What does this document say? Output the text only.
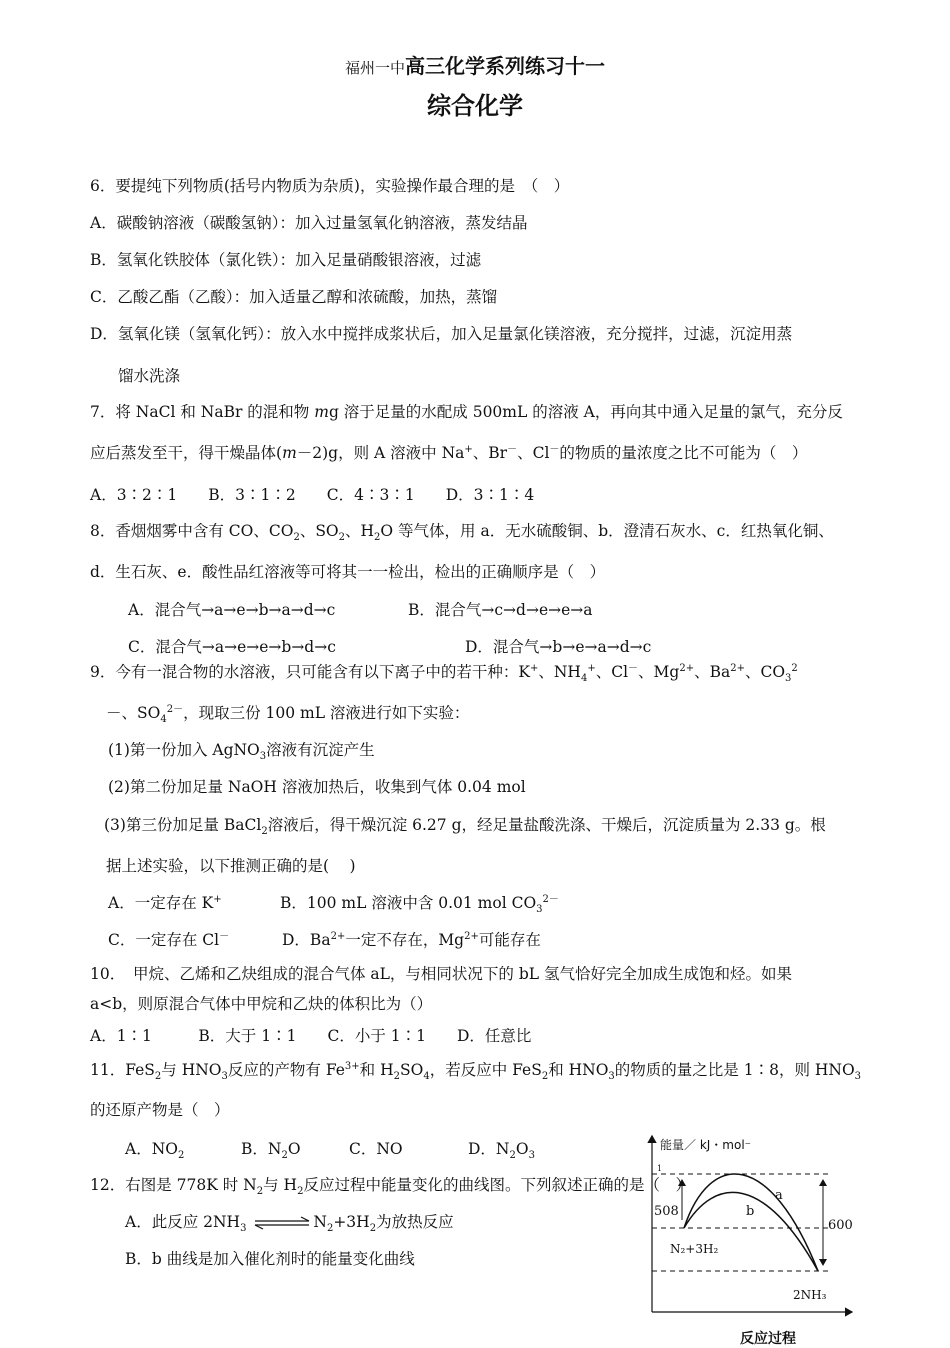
福州一中高三化学系列练习十一
综合化学
6．要提纯下列物质(括号内物质为杂质)，实验操作最合理的是　（　）
A．碳酸钠溶液（碳酸氢钠）：加入过量氢氧化钠溶液，蒸发结晶
B．氢氧化铁胶体（氯化铁）：加入足量硝酸银溶液，过滤
C．乙酸乙酯（乙酸）：加入适量乙醇和浓硫酸，加热，蒸馏
D．氢氧化镁（氢氧化钙）：放入水中搅拌成浆状后，加入足量氯化镁溶液，充分搅拌，过滤，沉淀用蒸
馏水洗涤
7．将 NaCl 和 NaBr 的混和物 mg 溶于足量的水配成 500mL 的溶液 A，再向其中通入足量的氯气，充分反
应后蒸发至干，得干燥晶体(m－2)g，则 A 溶液中 Na+、Br－、Cl－的物质的量浓度之比不可能为（　）
A．3∶2∶1　　B．3∶1∶2　　C．4∶3∶1　　D．3∶1∶4
8．香烟烟雾中含有 CO、$CO_2$、$SO_2$、$H_2O$ 等气体，用 a．无水硫酸铜、b．澄清石灰水、c．红热氧化铜、
d．生石灰、e．酸性品红溶液等可将其一一检出，检出的正确顺序是（　）
A．混合气→a→e→b→a→d→c	B．混合气→c→d→e→e→a
C．混合气→a→e→e→b→d→c	D．混合气→b→e→a→d→c
9．今有一混合物的水溶液，只可能含有以下离子中的若干种：K+、$NH_4^+$、Cl－、$Mg^{2+}$、$Ba^{2+}$、$CO_3^2$
－、$SO_4^{2-}$，现取三份 100 mL 溶液进行如下实验：
(1)第一份加入 AgNO$_3$溶液有沉淀产生
(2)第二份加足量 NaOH 溶液加热后，收集到气体 0.04 mol
(3)第三份加足量 BaCl$_2$溶液后，得干燥沉淀 6.27 g，经足量盐酸洗涤、干燥后，沉淀质量为 2.33 g。根
据上述实验，以下推测正确的是(　 )
A．一定存在 K+	B．100 mL 溶液中含 0.01 mol $CO_3^{2-}$
C．一定存在 Cl－	D．$Ba^{2+}$一定不存在，$Mg^{2+}$可能存在
10．　甲烷、乙烯和乙炔组成的混合气体 aL，与相同状况下的 bL 氢气恰好完全加成生成饱和烃。如果
a<b，则原混合气体中甲烷和乙炔的体积比为（）
A．1∶1　　　B．大于 1∶1　　C．小于 1∶1　　D．任意比
11．FeS$_2$与 $HNO_3$反应的产物有 $Fe^{3+}$和 $H_2SO_4$，若反应中 FeS$_2$和 $HNO_3$的物质的量之比是 1∶8，则 $HNO_3$
的还原产物是（　）
A．$NO_2$	B．$N_2O$	C．NO	D．$N_2O_3$
12．右图是 778K 时 $N_2$与 $H_2$反应过程中能量变化的曲线图。下列叙述正确的是（　）
A．此反应 $2NH_3$ ⇌ $N_2+3H_2$为放热反应
B．b 曲线是加入催化剂时的能量变化曲线
能量／ kJ・mol⁻
1
508
600
a
b
N₂+3H₂
2NH₃
反应过程
